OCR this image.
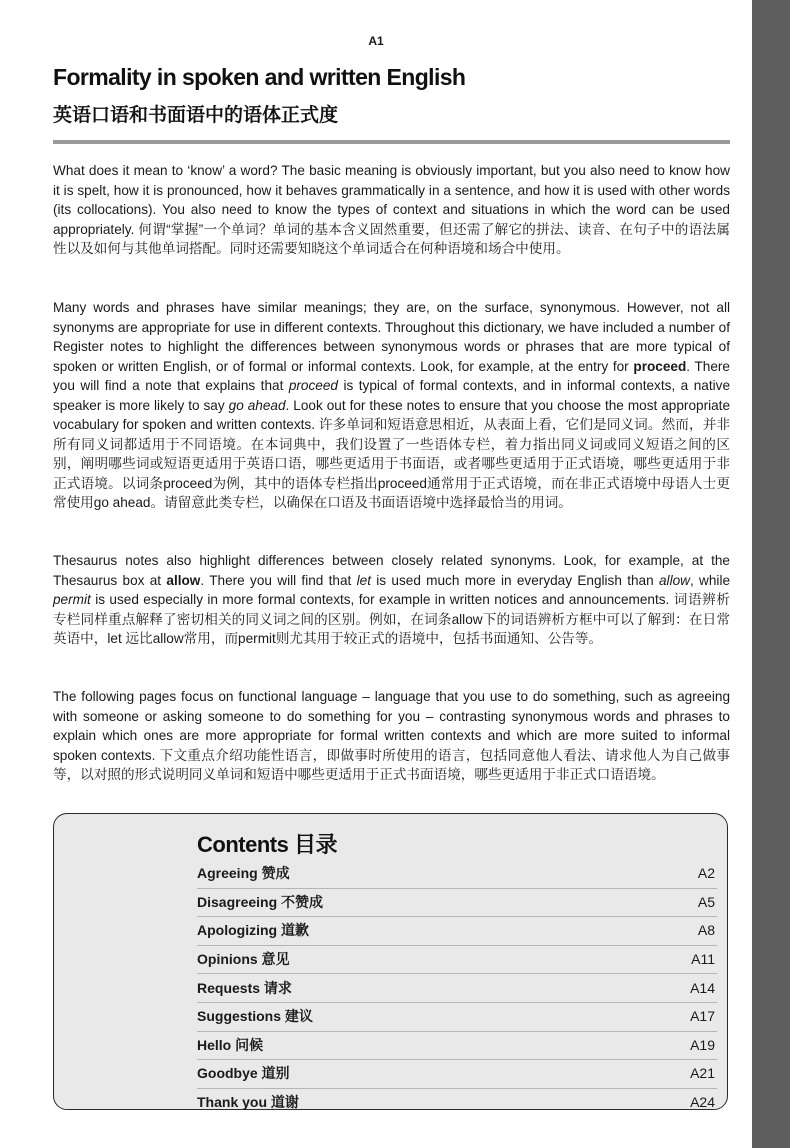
A1
Formality in spoken and written English
英语口语和书面语中的语体正式度

What does it mean to ‘know’ a word? The basic meaning is obviously important, but you also need to know how it is spelt, how it is pronounced, how it behaves grammatically in a sentence, and how it is used with other words (its collocations). You also need to know the types of context and situations in which the word can be used appropriately. 何谓“掌握”一个单词？单词的基本含义固然重要，但还需了解它的拼法、读音、在句子中的语法属性以及如何与其他单词搭配。同时还需要知晓这个单词适合在何种语境和场合中使用。

Many words and phrases have similar meanings; they are, on the surface, synonymous. However, not all synonyms are appropriate for use in different contexts. Throughout this dictionary, we have included a number of Register notes to highlight the differences between synonymous words or phrases that are more typical of spoken or written English, or of formal or informal contexts. Look, for example, at the entry for proceed. There you will find a note that explains that proceed is typical of formal contexts, and in informal contexts, a native speaker is more likely to say go ahead. Look out for these notes to ensure that you choose the most appropriate vocabulary for spoken and written contexts. 许多单词和短语意思相近，从表面上看，它们是同义词。然而，并非所有同义词都适用于不同语境。在本词典中，我们设置了一些语体专栏，着力指出同义词或同义短语之间的区别，阐明哪些词或短语更适用于英语口语，哪些更适用于书面语，或者哪些更适用于正式语境，哪些更适用于非正式语境。以词条proceed为例，其中的语体专栏指出proceed通常用于正式语境，而在非正式语境中母语人士更常使用go ahead。请留意此类专栏，以确保在口语及书面语语境中选择最恰当的用词。

Thesaurus notes also highlight differences between closely related synonyms. Look, for example, at the Thesaurus box at allow. There you will find that let is used much more in everyday English than allow, while permit is used especially in more formal contexts, for example in written notices and announcements. 词语辨析专栏同样重点解释了密切相关的同义词之间的区别。例如，在词条allow下的词语辨析方框中可以了解到：在日常英语中，let 远比allow常用，而permit则尤其用于较正式的语境中，包括书面通知、公告等。

The following pages focus on functional language – language that you use to do something, such as agreeing with someone or asking someone to do something for you – contrasting synonymous words and phrases to explain which ones are more appropriate for formal written contexts and which are more suited to informal spoken contexts. 下文重点介绍功能性语言，即做事时所使用的语言，包括同意他人看法、请求他人为自己做事等，以对照的形式说明同义单词和短语中哪些更适用于正式书面语境，哪些更适用于非正式口语语境。

Contents 目录
Agreeing 赞成	A2
Disagreeing 不赞成	A5
Apologizing 道歉	A8
Opinions 意见	A11
Requests 请求	A14
Suggestions 建议	A17
Hello 问候	A19
Goodbye 道别	A21
Thank you 道谢	A24
